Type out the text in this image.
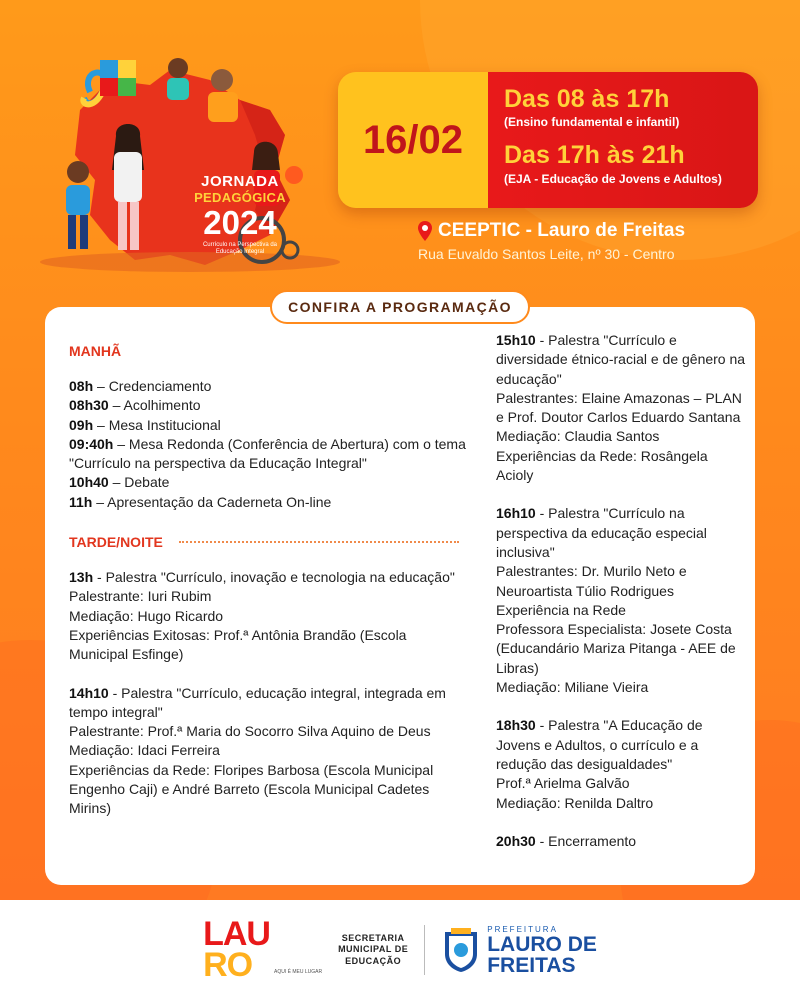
JORNADA
PEDAGÓGICA
2024
Currículo na Perspectiva da Educação Integral
16/02
Das 08 às 17h
(Ensino fundamental e infantil)
Das 17h às 21h
(EJA - Educação de Jovens e Adultos)
CEEPTIC - Lauro de Freitas
Rua Euvaldo Santos Leite, nº 30 - Centro
CONFIRA A PROGRAMAÇÃO
MANHÃ
08h – Credenciamento
08h30 – Acolhimento
09h – Mesa Institucional
09:40h – Mesa Redonda (Conferência de Abertura) com o tema "Currículo na perspectiva da Educação Integral"
10h40 – Debate
11h – Apresentação da Caderneta On-line
TARDE/NOITE
13h - Palestra "Currículo, inovação e tecnologia na educação"
Palestrante: Iuri Rubim
Mediação: Hugo Ricardo
Experiências Exitosas: Prof.ª Antônia Brandão (Escola Municipal Esfinge)
14h10 - Palestra "Currículo, educação integral, integrada em tempo integral"
Palestrante: Prof.ª Maria do Socorro Silva Aquino de Deus
Mediação: Idaci Ferreira
Experiências da Rede: Floripes Barbosa (Escola Municipal Engenho Caji) e André Barreto (Escola Municipal Cadetes Mirins)
15h10 - Palestra "Currículo e diversidade étnico-racial e de gênero na educação"
Palestrantes: Elaine Amazonas – PLAN e Prof. Doutor Carlos Eduardo Santana
Mediação: Claudia Santos
Experiências da Rede: Rosângela Acioly
16h10 - Palestra "Currículo na perspectiva da educação especial inclusiva"
Palestrantes: Dr. Murilo Neto e Neuroartista Túlio Rodrigues
Experiência na Rede
Professora Especialista: Josete Costa (Educandário Mariza Pitanga - AEE de Libras)
Mediação: Miliane Vieira
18h30 - Palestra "A Educação de Jovens e Adultos, o currículo e a redução das desigualdades"
Prof.ª Arielma Galvão
Mediação: Renilda Daltro
20h30 - Encerramento
LAU
RO	AQUI É MEU LUGAR
SECRETARIA
MUNICIPAL DE
EDUCAÇÃO
PREFEITURA
LAURO DE
FREITAS
